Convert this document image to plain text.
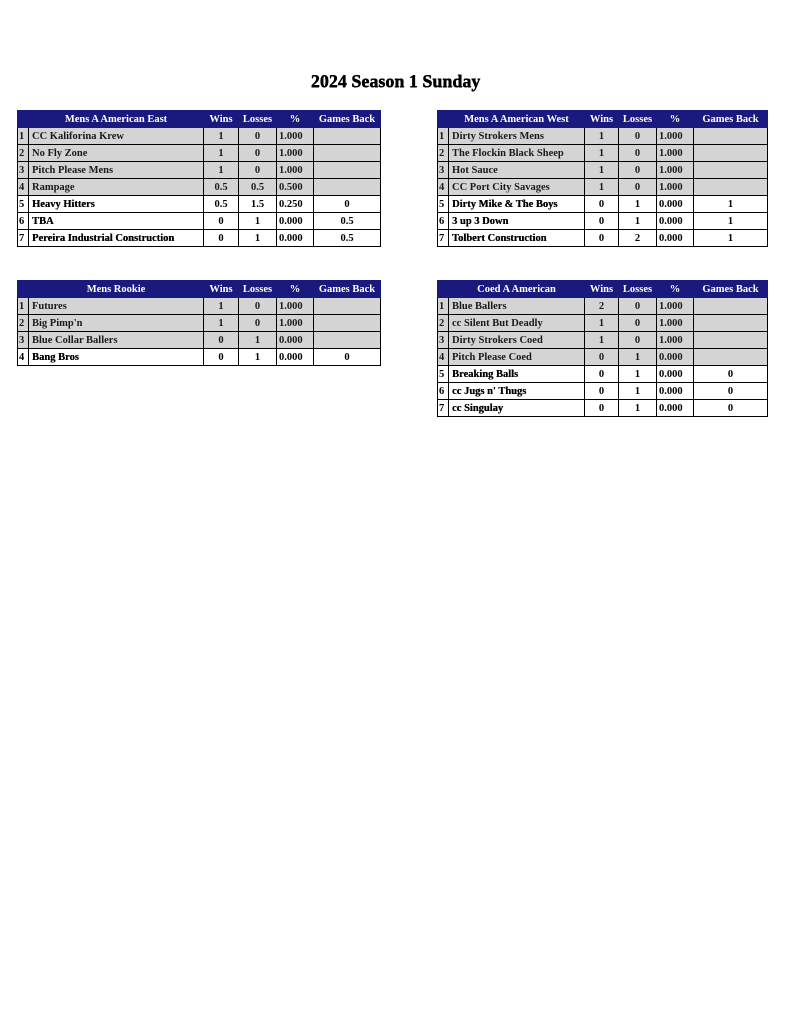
2024 Season 1 Sunday
	Mens A American East	Wins	Losses	%	Games Back
1	CC Kaliforina Krew	1	0	1.000	
2	No Fly Zone	1	0	1.000	
3	Pitch Please Mens	1	0	1.000	
4	Rampage	0.5	0.5	0.500	
5	Heavy Hitters	0.5	1.5	0.250	0
6	TBA	0	1	0.000	0.5
7	Pereira Industrial Construction	0	1	0.000	0.5
	Mens A American West	Wins	Losses	%	Games Back
1	Dirty Strokers Mens	1	0	1.000	
2	The Flockin Black Sheep	1	0	1.000	
3	Hot Sauce	1	0	1.000	
4	CC Port City Savages	1	0	1.000	
5	Dirty Mike & The Boys	0	1	0.000	1
6	3 up 3 Down	0	1	0.000	1
7	Tolbert Construction	0	2	0.000	1
	Mens Rookie	Wins	Losses	%	Games Back
1	Futures	1	0	1.000	
2	Big Pimp'n	1	0	1.000	
3	Blue Collar Ballers	0	1	0.000	
4	Bang Bros	0	1	0.000	0
	Coed A American	Wins	Losses	%	Games Back
1	Blue Ballers	2	0	1.000	
2	cc Silent But Deadly	1	0	1.000	
3	Dirty Strokers Coed	1	0	1.000	
4	Pitch Please Coed	0	1	0.000	
5	Breaking Balls	0	1	0.000	0
6	cc Jugs n' Thugs	0	1	0.000	0
7	cc Singulay	0	1	0.000	0
